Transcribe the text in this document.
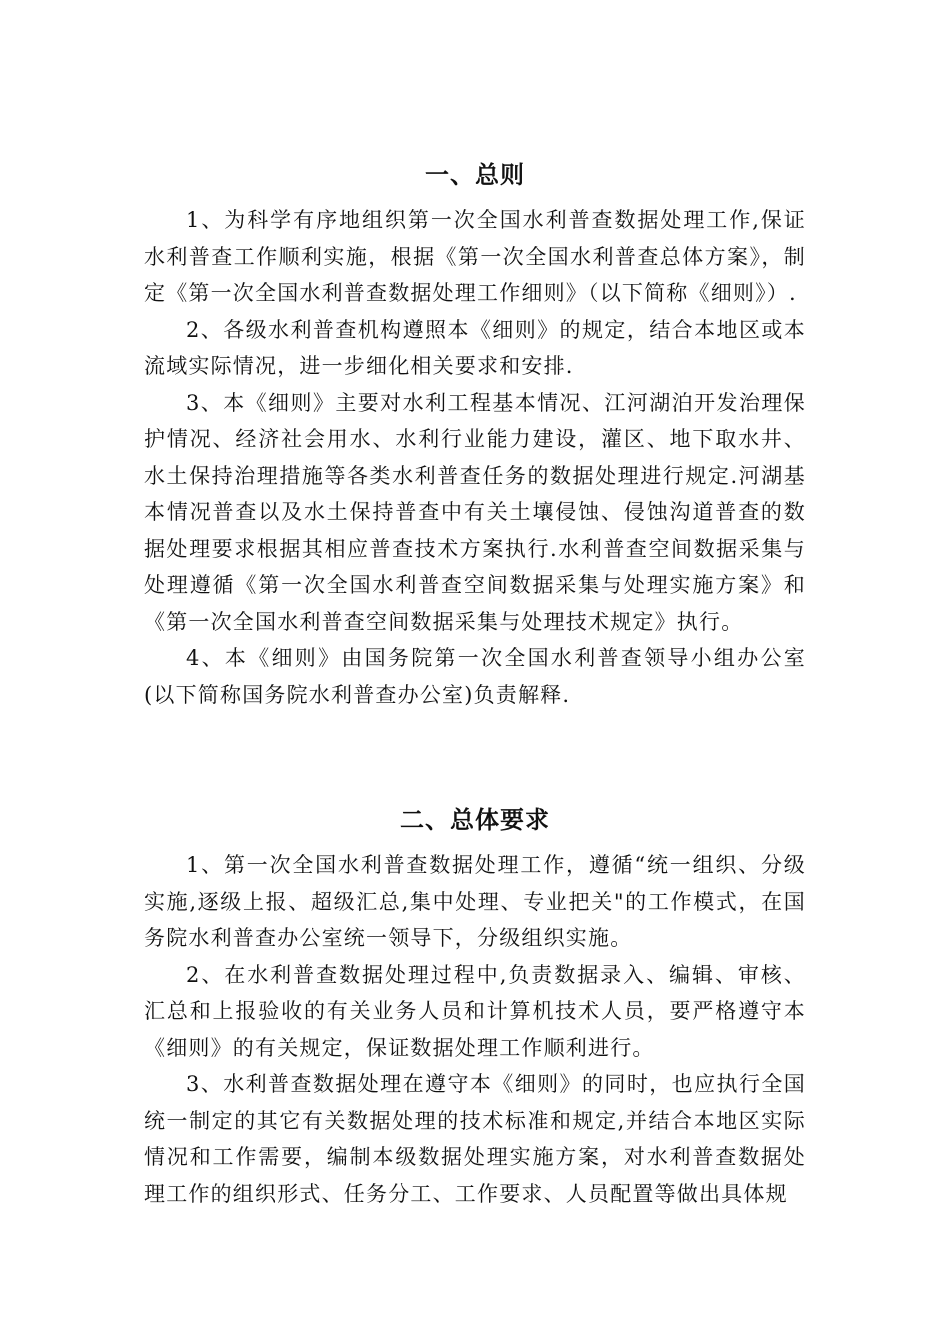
一、总则

1、为科学有序地组织第一次全国水利普查数据处理工作,保证水利普查工作顺利实施，根据《第一次全国水利普查总体方案》，制定《第一次全国水利普查数据处理工作细则》（以下简称《细则》）.

2、各级水利普查机构遵照本《细则》的规定，结合本地区或本流域实际情况，进一步细化相关要求和安排.

3、本《细则》主要对水利工程基本情况、江河湖泊开发治理保护情况、经济社会用水、水利行业能力建设，灌区、地下取水井、水土保持治理措施等各类水利普查任务的数据处理进行规定.河湖基本情况普查以及水土保持普查中有关土壤侵蚀、侵蚀沟道普查的数据处理要求根据其相应普查技术方案执行.水利普查空间数据采集与处理遵循《第一次全国水利普查空间数据采集与处理实施方案》和《第一次全国水利普查空间数据采集与处理技术规定》执行。

4、本《细则》由国务院第一次全国水利普查领导小组办公室(以下简称国务院水利普查办公室)负责解释.

二、总体要求

1、第一次全国水利普查数据处理工作，遵循“统一组织、分级实施,逐级上报、超级汇总,集中处理、专业把关"的工作模式，在国务院水利普查办公室统一领导下，分级组织实施。

2、在水利普查数据处理过程中,负责数据录入、编辑、审核、汇总和上报验收的有关业务人员和计算机技术人员，要严格遵守本《细则》的有关规定，保证数据处理工作顺利进行。

3、水利普查数据处理在遵守本《细则》的同时，也应执行全国统一制定的其它有关数据处理的技术标准和规定,并结合本地区实际情况和工作需要，编制本级数据处理实施方案，对水利普查数据处理工作的组织形式、任务分工、工作要求、人员配置等做出具体规
